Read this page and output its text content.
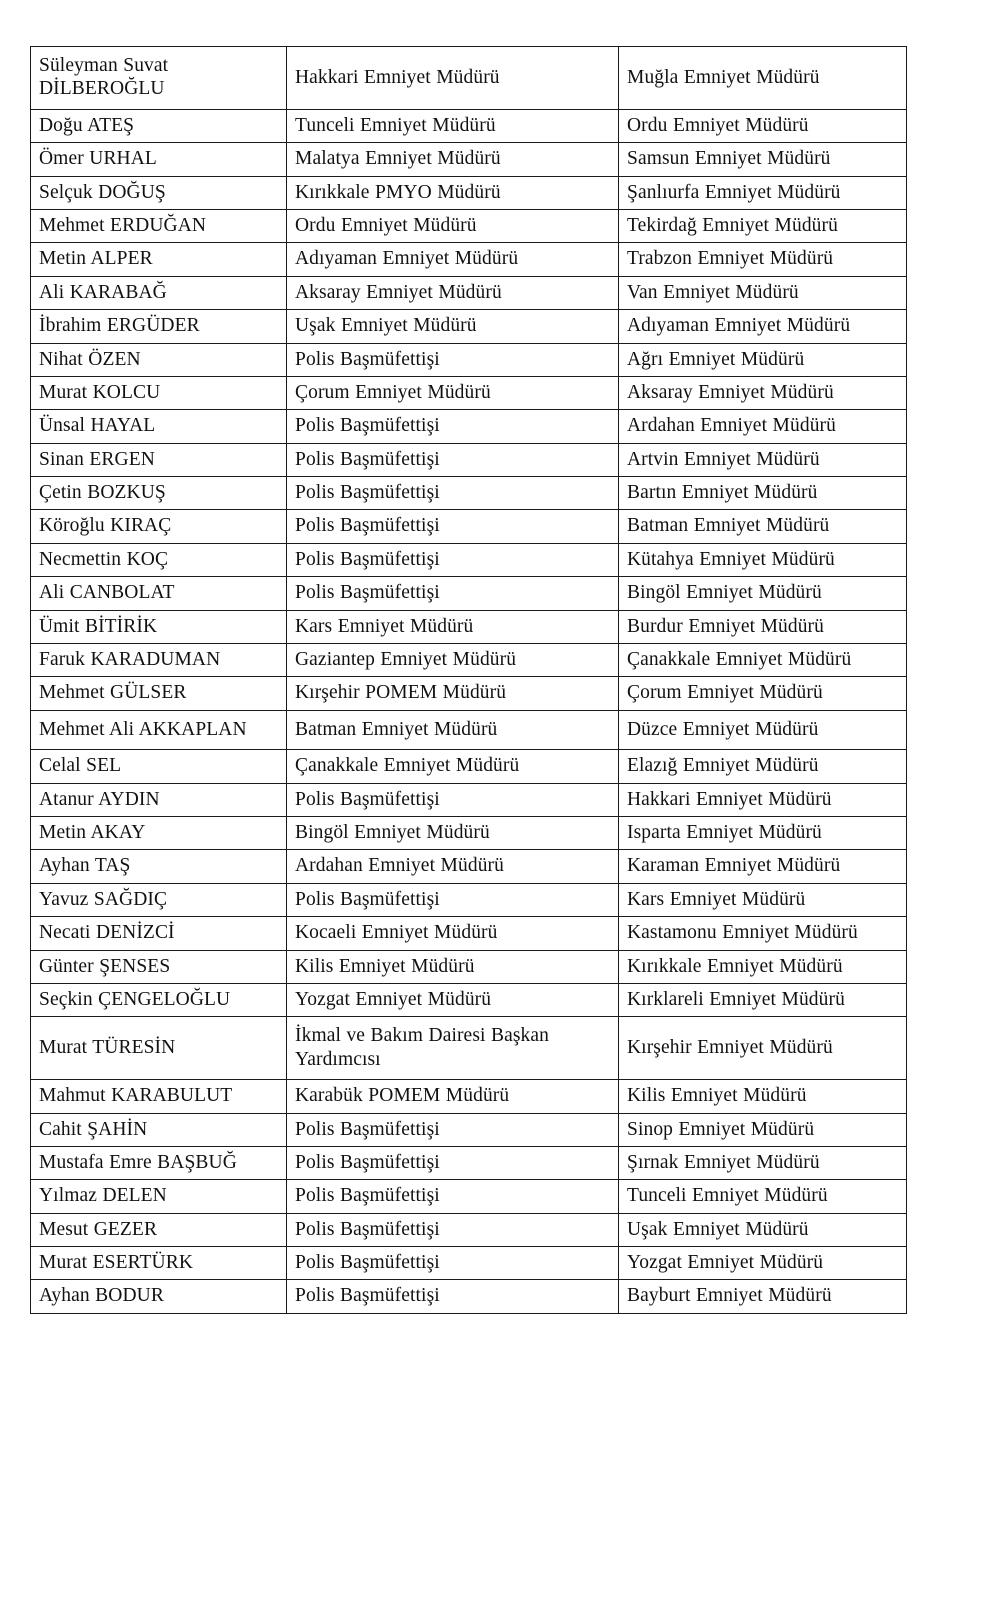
Süleyman Suvat DİLBEROĞLU	Hakkari Emniyet Müdürü	Muğla Emniyet Müdürü
Doğu ATEŞ	Tunceli Emniyet Müdürü	Ordu Emniyet Müdürü
Ömer URHAL	Malatya Emniyet Müdürü	Samsun Emniyet Müdürü
Selçuk DOĞUŞ	Kırıkkale PMYO Müdürü	Şanlıurfa Emniyet Müdürü
Mehmet ERDUĞAN	Ordu Emniyet Müdürü	Tekirdağ Emniyet Müdürü
Metin ALPER	Adıyaman Emniyet Müdürü	Trabzon Emniyet Müdürü
Ali KARABAĞ	Aksaray Emniyet Müdürü	Van Emniyet Müdürü
İbrahim ERGÜDER	Uşak Emniyet Müdürü	Adıyaman Emniyet Müdürü
Nihat ÖZEN	Polis Başmüfettişi	Ağrı Emniyet Müdürü
Murat KOLCU	Çorum Emniyet Müdürü	Aksaray Emniyet Müdürü
Ünsal HAYAL	Polis Başmüfettişi	Ardahan Emniyet Müdürü
Sinan ERGEN	Polis Başmüfettişi	Artvin Emniyet Müdürü
Çetin BOZKUŞ	Polis Başmüfettişi	Bartın Emniyet Müdürü
Köroğlu KIRAÇ	Polis Başmüfettişi	Batman Emniyet Müdürü
Necmettin KOÇ	Polis Başmüfettişi	Kütahya Emniyet Müdürü
Ali CANBOLAT	Polis Başmüfettişi	Bingöl Emniyet Müdürü
Ümit BİTİRİK	Kars Emniyet Müdürü	Burdur Emniyet Müdürü
Faruk KARADUMAN	Gaziantep Emniyet Müdürü	Çanakkale Emniyet Müdürü
Mehmet GÜLSER	Kırşehir POMEM Müdürü	Çorum Emniyet Müdürü
Mehmet Ali AKKAPLAN	Batman Emniyet Müdürü	Düzce Emniyet Müdürü
Celal SEL	Çanakkale Emniyet Müdürü	Elazığ Emniyet Müdürü
Atanur AYDIN	Polis Başmüfettişi	Hakkari Emniyet Müdürü
Metin AKAY	Bingöl Emniyet Müdürü	Isparta Emniyet Müdürü
Ayhan TAŞ	Ardahan Emniyet Müdürü	Karaman Emniyet Müdürü
Yavuz SAĞDIÇ	Polis Başmüfettişi	Kars Emniyet Müdürü
Necati DENİZCİ	Kocaeli Emniyet Müdürü	Kastamonu Emniyet Müdürü
Günter ŞENSES	Kilis Emniyet Müdürü	Kırıkkale Emniyet Müdürü
Seçkin ÇENGELOĞLU	Yozgat Emniyet Müdürü	Kırklareli Emniyet Müdürü
Murat TÜRESİN	İkmal ve Bakım Dairesi Başkan Yardımcısı	Kırşehir Emniyet Müdürü
Mahmut KARABULUT	Karabük POMEM Müdürü	Kilis Emniyet Müdürü
Cahit ŞAHİN	Polis Başmüfettişi	Sinop Emniyet Müdürü
Mustafa Emre BAŞBUĞ	Polis Başmüfettişi	Şırnak Emniyet Müdürü
Yılmaz DELEN	Polis Başmüfettişi	Tunceli Emniyet Müdürü
Mesut GEZER	Polis Başmüfettişi	Uşak Emniyet Müdürü
Murat ESERTÜRK	Polis Başmüfettişi	Yozgat Emniyet Müdürü
Ayhan BODUR	Polis Başmüfettişi	Bayburt Emniyet Müdürü
